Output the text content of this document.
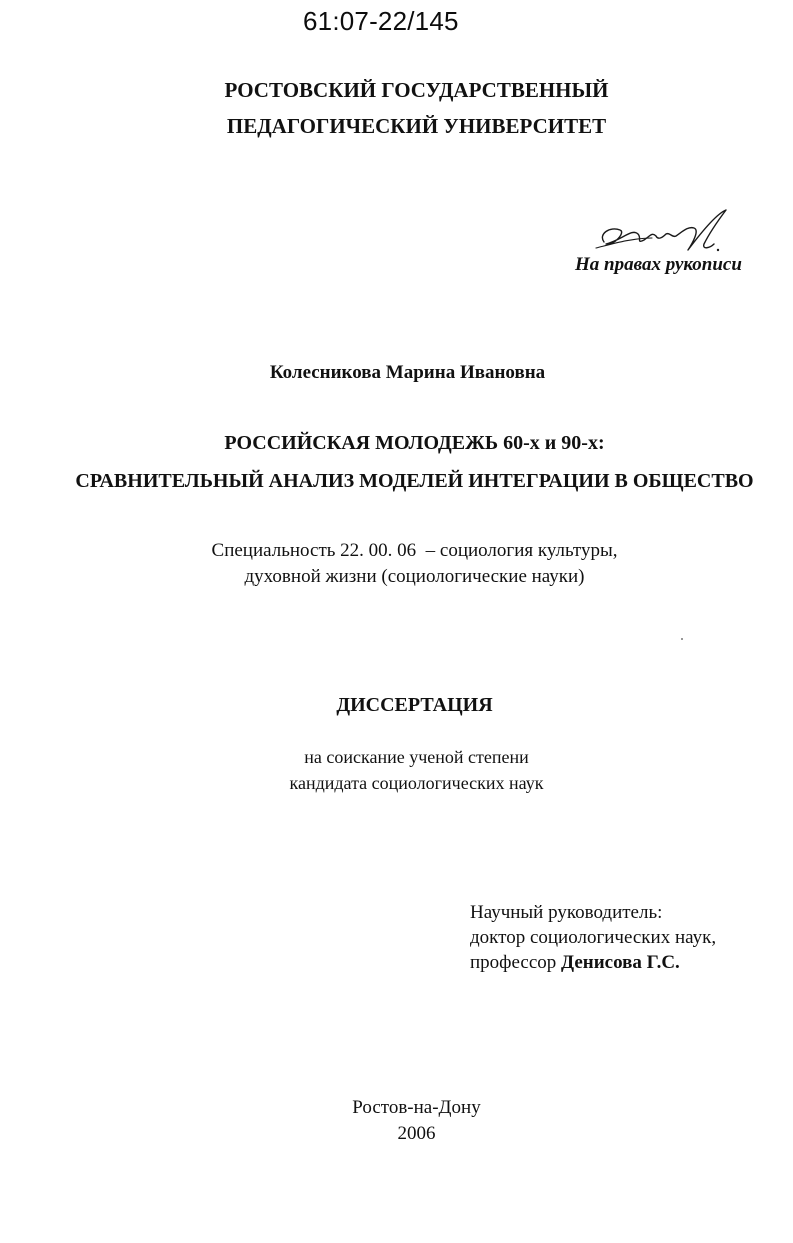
61:07-22/145
РОСТОВСКИЙ ГОСУДАРСТВЕННЫЙ
ПЕДАГОГИЧЕСКИЙ УНИВЕРСИТЕТ
На правах рукописи
Колесникова Марина Ивановна
РОССИЙСКАЯ МОЛОДЕЖЬ 60-х и 90-х:
СРАВНИТЕЛЬНЫЙ АНАЛИЗ МОДЕЛЕЙ ИНТЕГРАЦИИ В ОБЩЕСТВО
Специальность 22. 00. 06  – социология культуры,
духовной жизни (социологические науки)
ДИССЕРТАЦИЯ
на соискание ученой степени
кандидата социологических наук
Научный руководитель:
доктор социологических наук,
профессор Денисова Г.С.
Ростов-на-Дону
2006
